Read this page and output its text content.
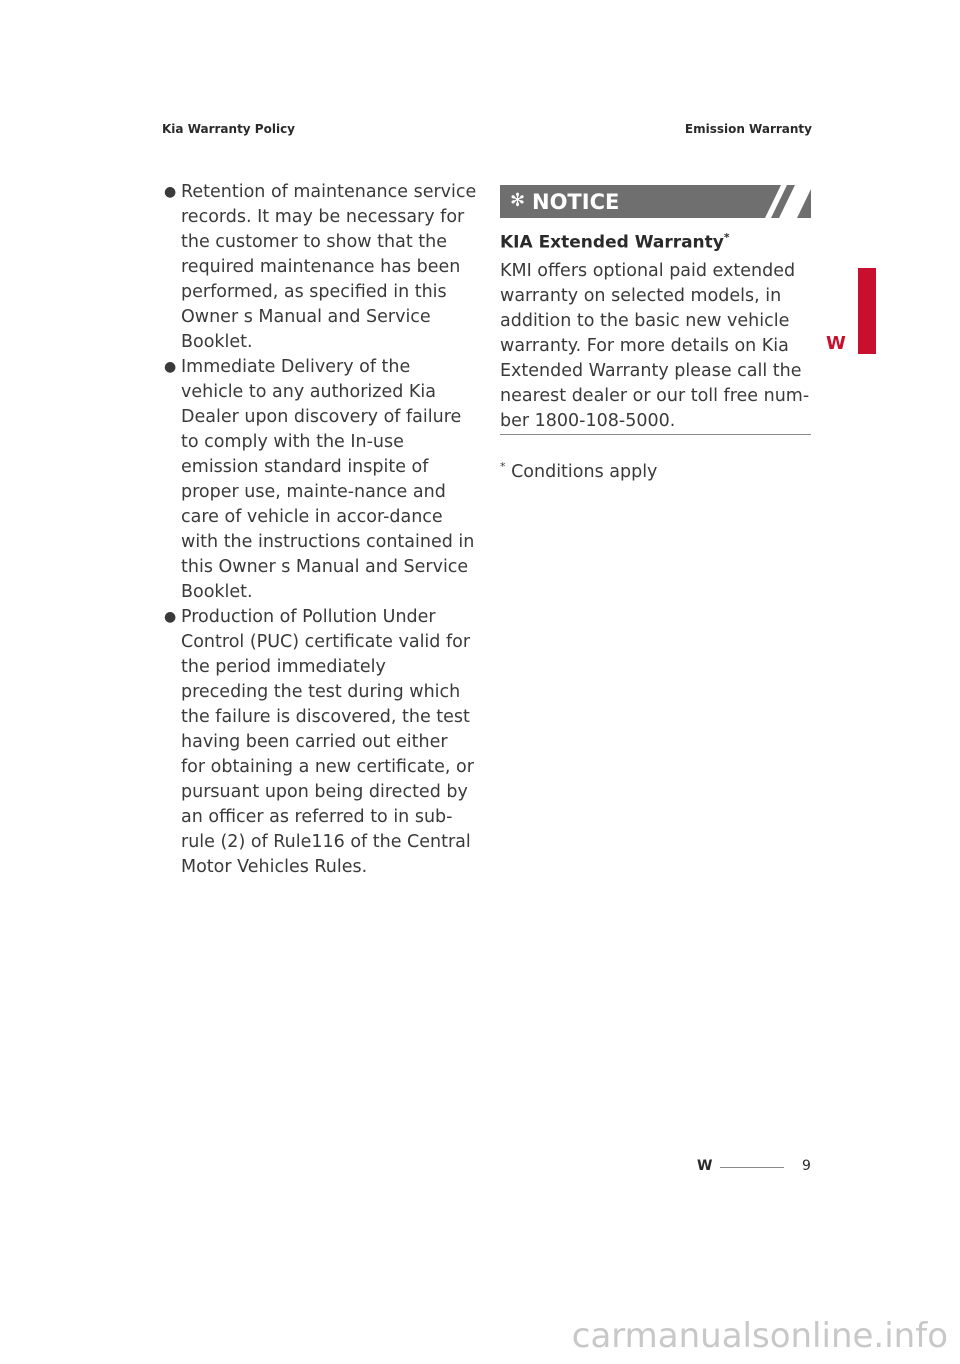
Kia Warranty Policy	Emission Warranty
W
● Retention of maintenance service records. It may be necessary for the customer to show that the required maintenance has been performed, as specified in this Owner s Manual and Service Booklet.
● Immediate Delivery of the vehicle to any authorized Kia Dealer upon discovery of failure to comply with the In-use emission standard inspite of proper use, mainte-nance and care of vehicle in accor-dance with the instructions contained in this Owner s Manual and Service Booklet.
● Production of Pollution Under Control (PUC) certificate valid for the period immediately preceding the test during which the failure is discovered, the test having been carried out either for obtaining a new certificate, or pursuant upon being directed by an officer as referred to in sub-rule (2) of Rule116 of the Central Motor Vehicles Rules.
✻ NOTICE
KIA Extended Warranty*

KMI offers optional paid extended warranty on selected models, in addition to the basic new vehicle warranty. For more details on Kia Extended Warranty please call the nearest dealer or our toll free num-ber 1800-108-5000.

* Conditions apply
W	9
carmanualsonline.info
